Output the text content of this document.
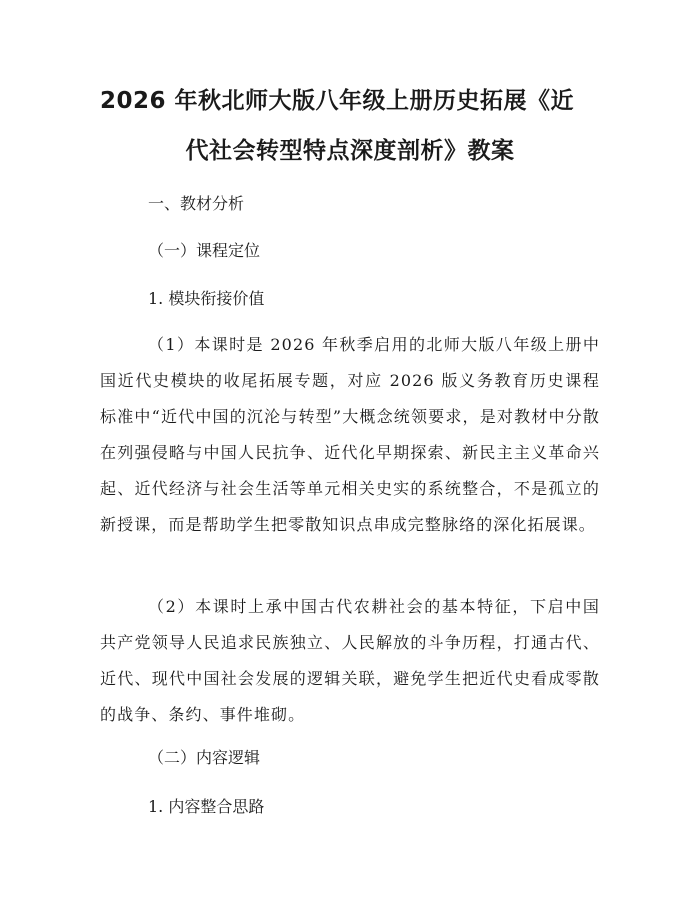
2026 年秋北师大版八年级上册历史拓展《近
代社会转型特点深度剖析》教案
一、教材分析
（一）课程定位
1. 模块衔接价值
（1）本课时是 2026 年秋季启用的北师大版八年级上册中国近代史模块的收尾拓展专题，对应 2026 版义务教育历史课程标准中“近代中国的沉沦与转型”大概念统领要求，是对教材中分散在列强侵略与中国人民抗争、近代化早期探索、新民主主义革命兴起、近代经济与社会生活等单元相关史实的系统整合，不是孤立的新授课，而是帮助学生把零散知识点串成完整脉络的深化拓展课。
（2）本课时上承中国古代农耕社会的基本特征，下启中国共产党领导人民追求民族独立、人民解放的斗争历程，打通古代、近代、现代中国社会发展的逻辑关联，避免学生把近代史看成零散的战争、条约、事件堆砌。
（二）内容逻辑
1. 内容整合思路
